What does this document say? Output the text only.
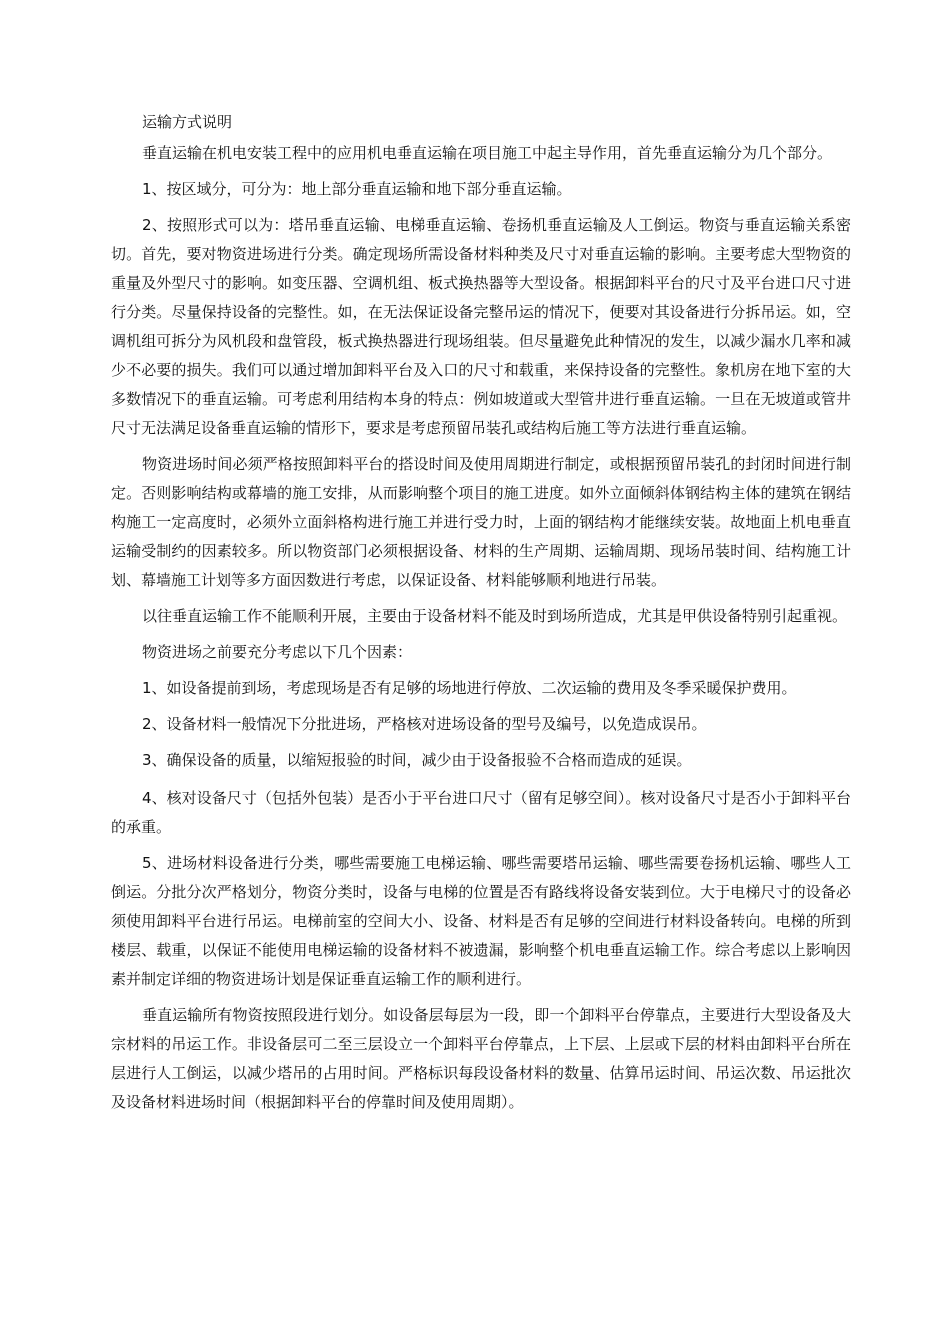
运输方式说明

垂直运输在机电安装工程中的应用机电垂直运输在项目施工中起主导作用，首先垂直运输分为几个部分。

1、按区域分，可分为：地上部分垂直运输和地下部分垂直运输。

2、按照形式可以为：塔吊垂直运输、电梯垂直运输、卷扬机垂直运输及人工倒运。物资与垂直运输关系密切。首先，要对物资进场进行分类。确定现场所需设备材料种类及尺寸对垂直运输的影响。主要考虑大型物资的重量及外型尺寸的影响。如变压器、空调机组、板式换热器等大型设备。根据卸料平台的尺寸及平台进口尺寸进行分类。尽量保持设备的完整性。如，在无法保证设备完整吊运的情况下，便要对其设备进行分拆吊运。如，空调机组可拆分为风机段和盘管段，板式换热器进行现场组装。但尽量避免此种情况的发生，以减少漏水几率和减少不必要的损失。我们可以通过增加卸料平台及入口的尺寸和载重，来保持设备的完整性。象机房在地下室的大多数情况下的垂直运输。可考虑利用结构本身的特点：例如坡道或大型管井进行垂直运输。一旦在无坡道或管井尺寸无法满足设备垂直运输的情形下，要求是考虑预留吊装孔或结构后施工等方法进行垂直运输。

物资进场时间必须严格按照卸料平台的搭设时间及使用周期进行制定，或根据预留吊装孔的封闭时间进行制定。否则影响结构或幕墙的施工安排，从而影响整个项目的施工进度。如外立面倾斜体钢结构主体的建筑在钢结构施工一定高度时，必须外立面斜格构进行施工并进行受力时，上面的钢结构才能继续安装。故地面上机电垂直运输受制约的因素较多。所以物资部门必须根据设备、材料的生产周期、运输周期、现场吊装时间、结构施工计划、幕墙施工计划等多方面因数进行考虑，以保证设备、材料能够顺利地进行吊装。

以往垂直运输工作不能顺利开展，主要由于设备材料不能及时到场所造成，尤其是甲供设备特别引起重视。

物资进场之前要充分考虑以下几个因素：

1、如设备提前到场，考虑现场是否有足够的场地进行停放、二次运输的费用及冬季采暖保护费用。

2、设备材料一般情况下分批进场，严格核对进场设备的型号及编号，以免造成误吊。

3、确保设备的质量，以缩短报验的时间，减少由于设备报验不合格而造成的延误。

4、核对设备尺寸（包括外包装）是否小于平台进口尺寸（留有足够空间）。核对设备尺寸是否小于卸料平台的承重。

5、进场材料设备进行分类，哪些需要施工电梯运输、哪些需要塔吊运输、哪些需要卷扬机运输、哪些人工倒运。分批分次严格划分，物资分类时，设备与电梯的位置是否有路线将设备安装到位。大于电梯尺寸的设备必须使用卸料平台进行吊运。电梯前室的空间大小、设备、材料是否有足够的空间进行材料设备转向。电梯的所到楼层、载重，以保证不能使用电梯运输的设备材料不被遗漏，影响整个机电垂直运输工作。综合考虑以上影响因素并制定详细的物资进场计划是保证垂直运输工作的顺利进行。

垂直运输所有物资按照段进行划分。如设备层每层为一段，即一个卸料平台停靠点，主要进行大型设备及大宗材料的吊运工作。非设备层可二至三层设立一个卸料平台停靠点，上下层、上层或下层的材料由卸料平台所在层进行人工倒运，以减少塔吊的占用时间。严格标识每段设备材料的数量、估算吊运时间、吊运次数、吊运批次及设备材料进场时间（根据卸料平台的停靠时间及使用周期）。
